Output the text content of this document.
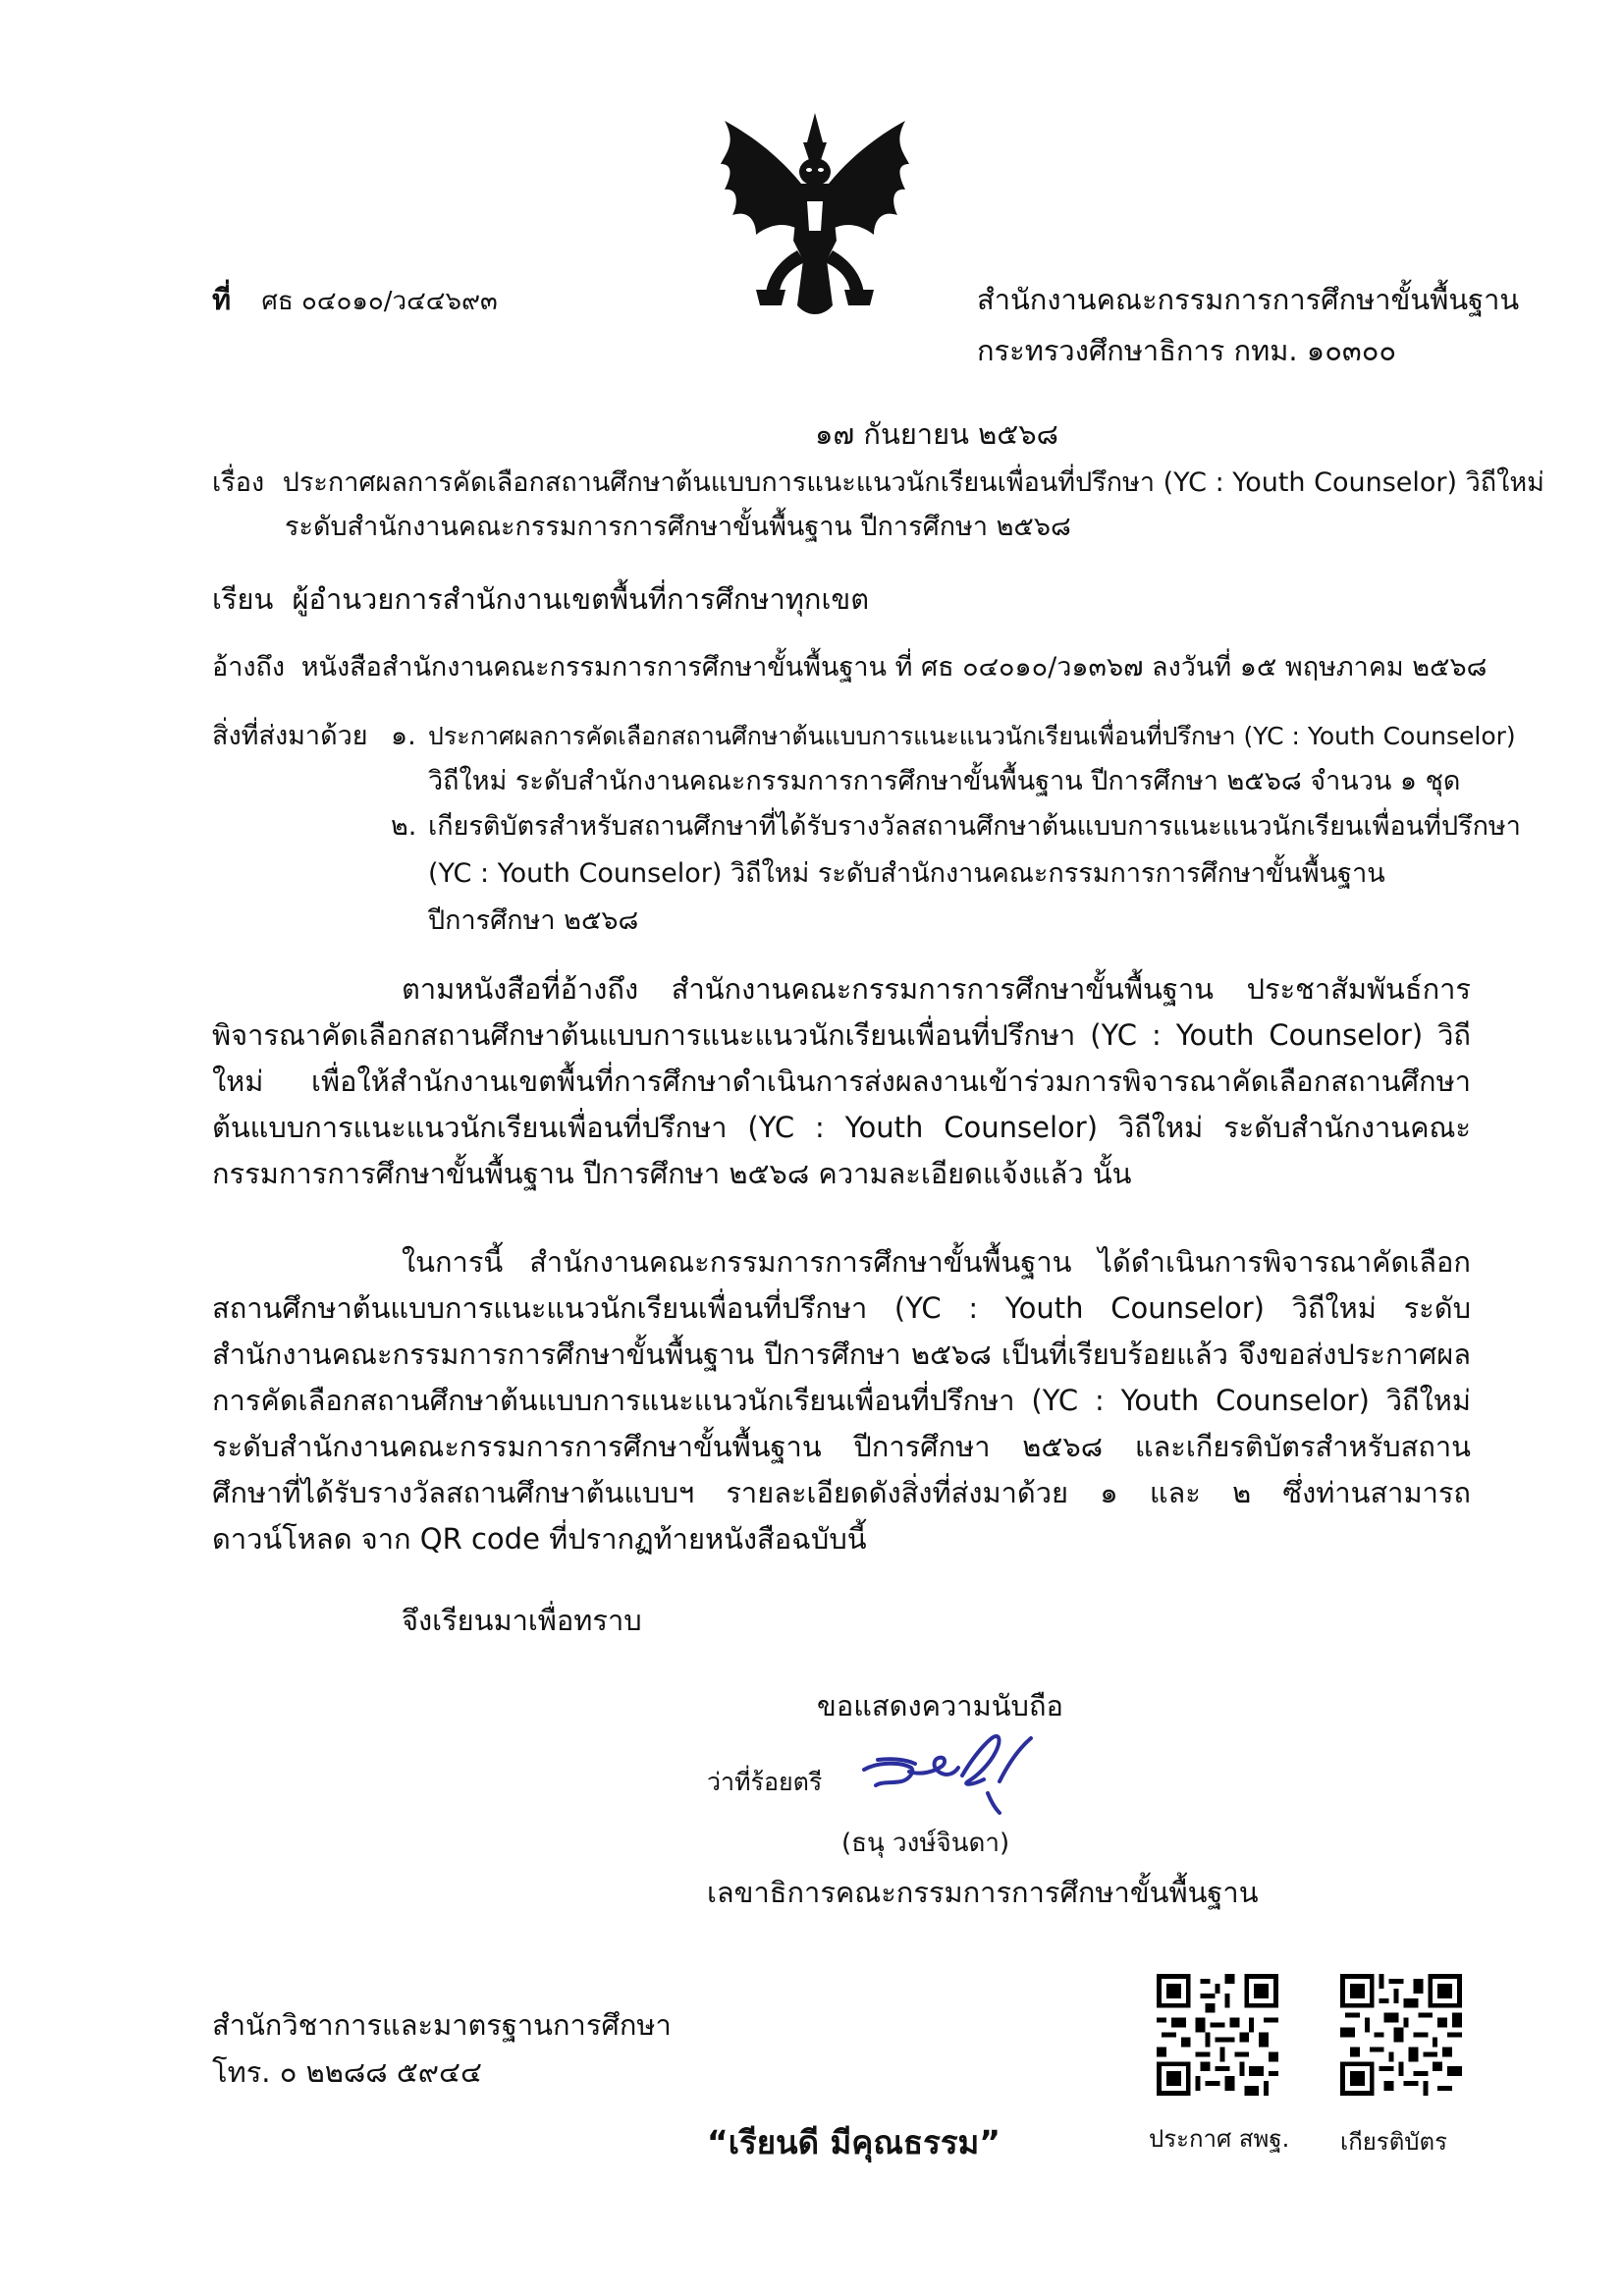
ที่ ศธ ๐๔๐๑๐/ว๔๔๖๙๓	สำนักงานคณะกรรมการการศึกษาขั้นพื้นฐาน
กระทรวงศึกษาธิการ กทม. ๑๐๓๐๐
๑๗ กันยายน ๒๕๖๘
เรื่อง ประกาศผลการคัดเลือกสถานศึกษาต้นแบบการแนะแนวนักเรียนเพื่อนที่ปรึกษา (YC : Youth Counselor) วิถีใหม่
ระดับสำนักงานคณะกรรมการการศึกษาขั้นพื้นฐาน ปีการศึกษา ๒๕๖๘
เรียน ผู้อำนวยการสำนักงานเขตพื้นที่การศึกษาทุกเขต
อ้างถึง หนังสือสำนักงานคณะกรรมการการศึกษาขั้นพื้นฐาน ที่ ศธ ๐๔๐๑๐/ว๑๓๖๗ ลงวันที่ ๑๕ พฤษภาคม ๒๕๖๘
สิ่งที่ส่งมาด้วย ๑. ประกาศผลการคัดเลือกสถานศึกษาต้นแบบการแนะแนวนักเรียนเพื่อนที่ปรึกษา (YC : Youth Counselor)
วิถีใหม่ ระดับสำนักงานคณะกรรมการการศึกษาขั้นพื้นฐาน ปีการศึกษา ๒๕๖๘ จำนวน ๑ ชุด
๒. เกียรติบัตรสำหรับสถานศึกษาที่ได้รับรางวัลสถานศึกษาต้นแบบการแนะแนวนักเรียนเพื่อนที่ปรึกษา
(YC : Youth Counselor) วิถีใหม่ ระดับสำนักงานคณะกรรมการการศึกษาขั้นพื้นฐาน
ปีการศึกษา ๒๕๖๘

ตามหนังสือที่อ้างถึง สำนักงานคณะกรรมการการศึกษาขั้นพื้นฐาน ประชาสัมพันธ์การพิจารณาคัดเลือกสถานศึกษาต้นแบบการแนะแนวนักเรียนเพื่อนที่ปรึกษา (YC : Youth Counselor) วิถีใหม่ เพื่อให้สำนักงานเขตพื้นที่การศึกษาดำเนินการส่งผลงานเข้าร่วมการพิจารณาคัดเลือกสถานศึกษาต้นแบบการแนะแนวนักเรียนเพื่อนที่ปรึกษา (YC : Youth Counselor) วิถีใหม่ ระดับสำนักงานคณะกรรมการการศึกษาขั้นพื้นฐาน ปีการศึกษา ๒๕๖๘ ความละเอียดแจ้งแล้ว นั้น

ในการนี้ สำนักงานคณะกรรมการการศึกษาขั้นพื้นฐาน ได้ดำเนินการพิจารณาคัดเลือกสถานศึกษาต้นแบบการแนะแนวนักเรียนเพื่อนที่ปรึกษา (YC : Youth Counselor) วิถีใหม่ ระดับสำนักงานคณะกรรมการการศึกษาขั้นพื้นฐาน ปีการศึกษา ๒๕๖๘ เป็นที่เรียบร้อยแล้ว จึงขอส่งประกาศผลการคัดเลือกสถานศึกษาต้นแบบการแนะแนวนักเรียนเพื่อนที่ปรึกษา (YC : Youth Counselor) วิถีใหม่ ระดับสำนักงานคณะกรรมการการศึกษาขั้นพื้นฐาน ปีการศึกษา ๒๕๖๘ และเกียรติบัตรสำหรับสถานศึกษาที่ได้รับรางวัลสถานศึกษาต้นแบบฯ รายละเอียดดังสิ่งที่ส่งมาด้วย ๑ และ ๒ ซึ่งท่านสามารถดาวน์โหลด จาก QR code ที่ปรากฏท้ายหนังสือฉบับนี้

จึงเรียนมาเพื่อทราบ
ขอแสดงความนับถือ
ว่าที่ร้อยตรี
(ธนุ วงษ์จินดา)
เลขาธิการคณะกรรมการการศึกษาขั้นพื้นฐาน
สำนักวิชาการและมาตรฐานการศึกษา
โทร. ๐ ๒๒๘๘ ๕๙๔๔
“เรียนดี มีคุณธรรม”	ประกาศ สพฐ. เกียรติบัตร
